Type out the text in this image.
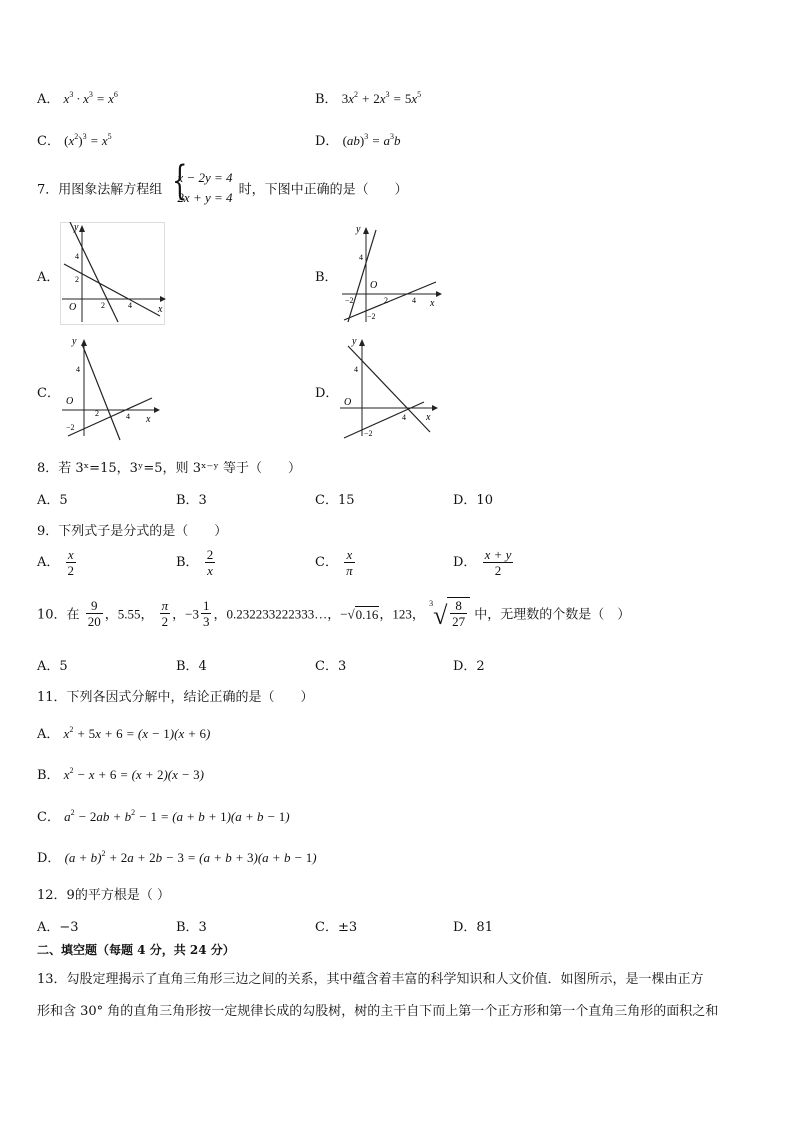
A． $x^3 \cdot x^3 = x^6$	B． $3x^2 + 2x^3 = 5x^5$
C． $(x^2)^3 = x^5$	D． $(ab)^3 = a^3b$
7．用图象法解方程组 {
x − 2y = 4
2x + y = 4 时，下图中正确的是（　　）
A．	B．
C．	D．
y
x
O
4
2
2	4
y
x
O
4
−2
−2
2	4
y
x
O
4
2	4
−2
y
x
O
4
4
−2
8．若 3ˣ=15，3ʸ=5，则 3ˣ⁻ʸ 等于（　　）
A．5	B．3	C．15	D．10
9．下列式子是分式的是（　　）
A． $\frac{x}{2}$	B． $\frac{2}{x}$	C． $\frac{x}{\pi}$	D． $\frac{x + y}{2}$
10．在 $\frac{9}{20}$ ，5.55， $\frac{\pi}{2}$ ，$-3 \frac{1}{3}$ ，0.232233222333…，−√0.16，123，
3 √ $\frac{8}{27}$ 中，无理数的个数是（　）
A．5	B．4	C．3	D．2
11．下列各因式分解中，结论正确的是（　　）
A． $x^2 + 5x + 6 = (x - 1)(x + 6)$
B． $x^2 - x + 6 = (x + 2)(x - 3)$
C． $a^2 - 2ab + b^2 - 1 = (a + b + 1)(a + b - 1)$
D． $(a + b)^2 + 2a + 2b - 3 = (a + b + 3)(a + b - 1)$
12．9的平方根是（ ）
A．−3	B．3	C．±3	D．81
二、填空题（每题 4 分，共 24 分）
13．勾股定理揭示了直角三角形三边之间的关系，其中蕴含着丰富的科学知识和人文价值．如图所示，是一棵由正方
形和含 30° 角的直角三角形按一定规律长成的勾股树，树的主干自下而上第一个正方形和第一个直角三角形的面积之和
